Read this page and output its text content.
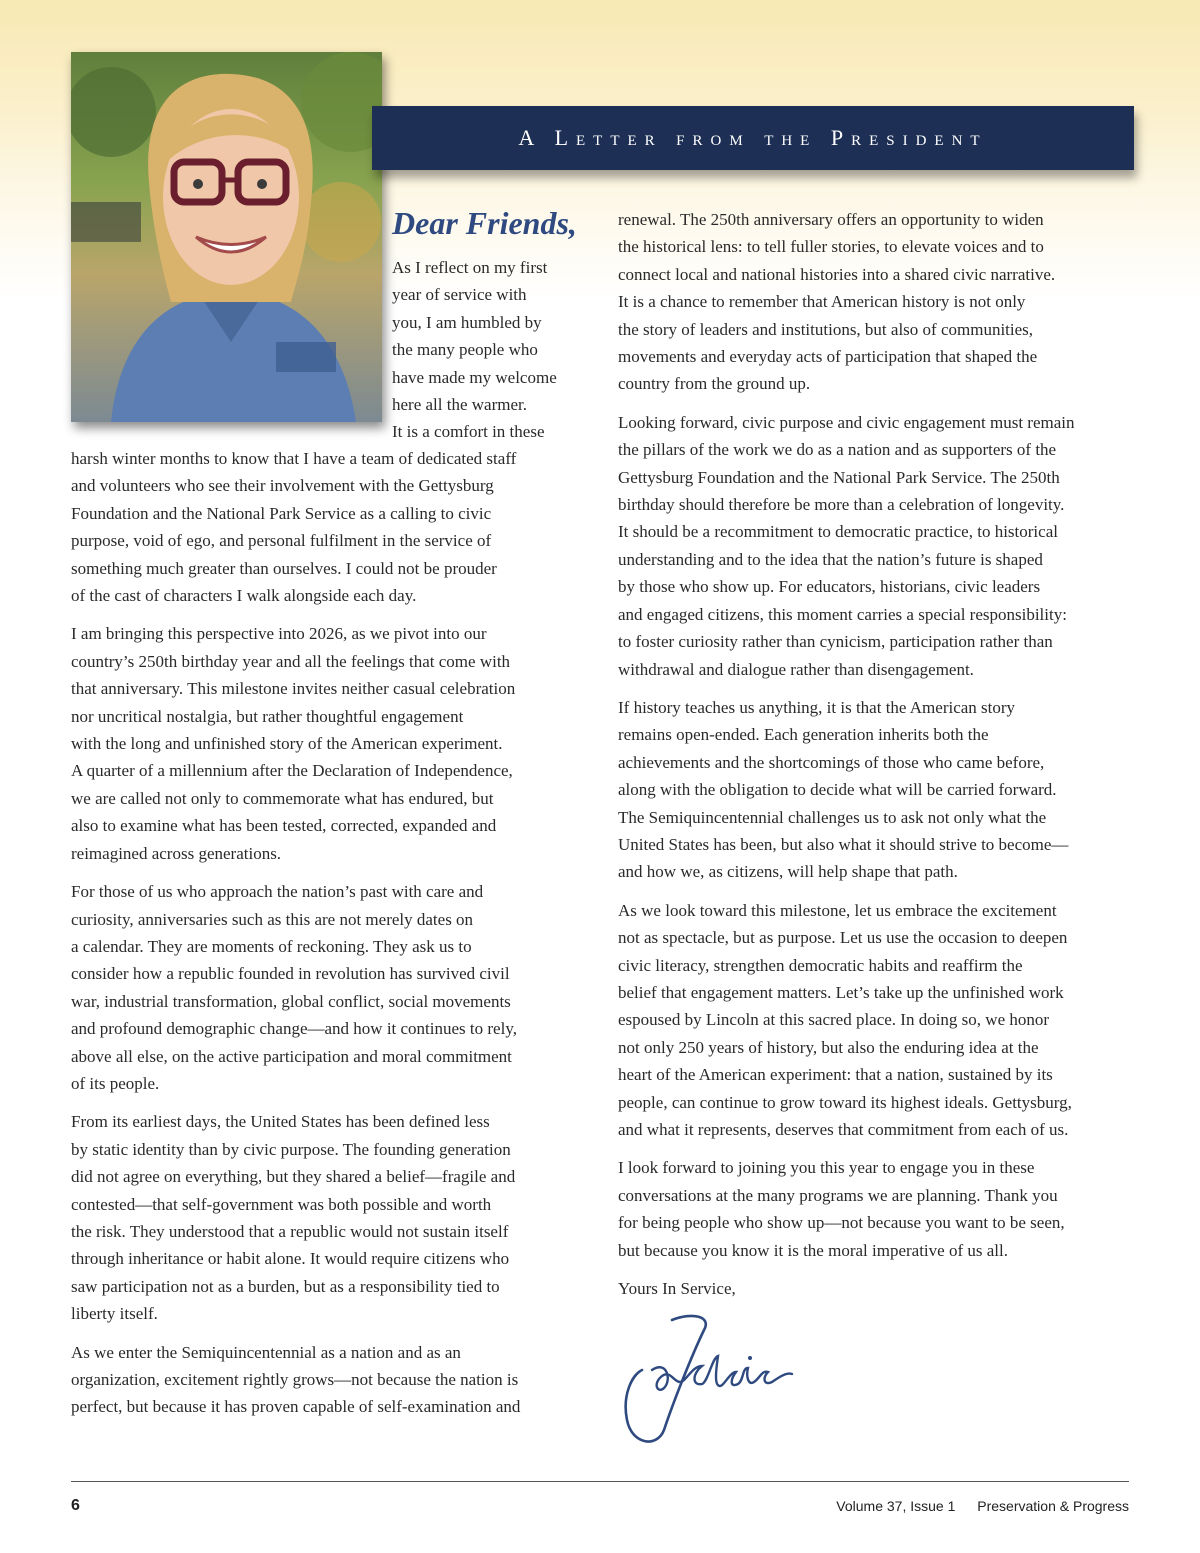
A Letter from the President
Dear Friends,
As I reflect on my first
year of service with
you, I am humbled by
the many people who
have made my welcome
here all the warmer.
It is a comfort in these

harsh winter months to know that I have a team of dedicated staff
and volunteers who see their involvement with the Gettysburg
Foundation and the National Park Service as a calling to civic
purpose, void of ego, and personal fulfilment in the service of
something much greater than ourselves. I could not be prouder
of the cast of characters I walk alongside each day.

I am bringing this perspective into 2026, as we pivot into our
country’s 250th birthday year and all the feelings that come with
that anniversary. This milestone invites neither casual celebration
nor uncritical nostalgia, but rather thoughtful engagement
with the long and unfinished story of the American experiment.
A quarter of a millennium after the Declaration of Independence,
we are called not only to commemorate what has endured, but
also to examine what has been tested, corrected, expanded and
reimagined across generations.

For those of us who approach the nation’s past with care and
curiosity, anniversaries such as this are not merely dates on
a calendar. They are moments of reckoning. They ask us to
consider how a republic founded in revolution has survived civil
war, industrial transformation, global conflict, social movements
and profound demographic change—and how it continues to rely,
above all else, on the active participation and moral commitment
of its people.

From its earliest days, the United States has been defined less
by static identity than by civic purpose. The founding generation
did not agree on everything, but they shared a belief—fragile and
contested—that self-government was both possible and worth
the risk. They understood that a republic would not sustain itself
through inheritance or habit alone. It would require citizens who
saw participation not as a burden, but as a responsibility tied to
liberty itself.

As we enter the Semiquincentennial as a nation and as an
organization, excitement rightly grows—not because the nation is
perfect, but because it has proven capable of self-examination and

renewal. The 250th anniversary offers an opportunity to widen
the historical lens: to tell fuller stories, to elevate voices and to
connect local and national histories into a shared civic narrative.
It is a chance to remember that American history is not only
the story of leaders and institutions, but also of communities,
movements and everyday acts of participation that shaped the
country from the ground up.

Looking forward, civic purpose and civic engagement must remain
the pillars of the work we do as a nation and as supporters of the
Gettysburg Foundation and the National Park Service. The 250th
birthday should therefore be more than a celebration of longevity.
It should be a recommitment to democratic practice, to historical
understanding and to the idea that the nation’s future is shaped
by those who show up. For educators, historians, civic leaders
and engaged citizens, this moment carries a special responsibility:
to foster curiosity rather than cynicism, participation rather than
withdrawal and dialogue rather than disengagement.

If history teaches us anything, it is that the American story
remains open-ended. Each generation inherits both the
achievements and the shortcomings of those who came before,
along with the obligation to decide what will be carried forward.
The Semiquincentennial challenges us to ask not only what the
United States has been, but also what it should strive to become—
and how we, as citizens, will help shape that path.

As we look toward this milestone, let us embrace the excitement
not as spectacle, but as purpose. Let us use the occasion to deepen
civic literacy, strengthen democratic habits and reaffirm the
belief that engagement matters. Let’s take up the unfinished work
espoused by Lincoln at this sacred place. In doing so, we honor
not only 250 years of history, but also the enduring idea at the
heart of the American experiment: that a nation, sustained by its
people, can continue to grow toward its highest ideals. Gettysburg,
and what it represents, deserves that commitment from each of us.

I look forward to joining you this year to engage you in these
conversations at the many programs we are planning. Thank you
for being people who show up—not because you want to be seen,
but because you know it is the moral imperative of us all.

Yours In Service,

6	Volume 37, Issue 1 Preservation & Progress
